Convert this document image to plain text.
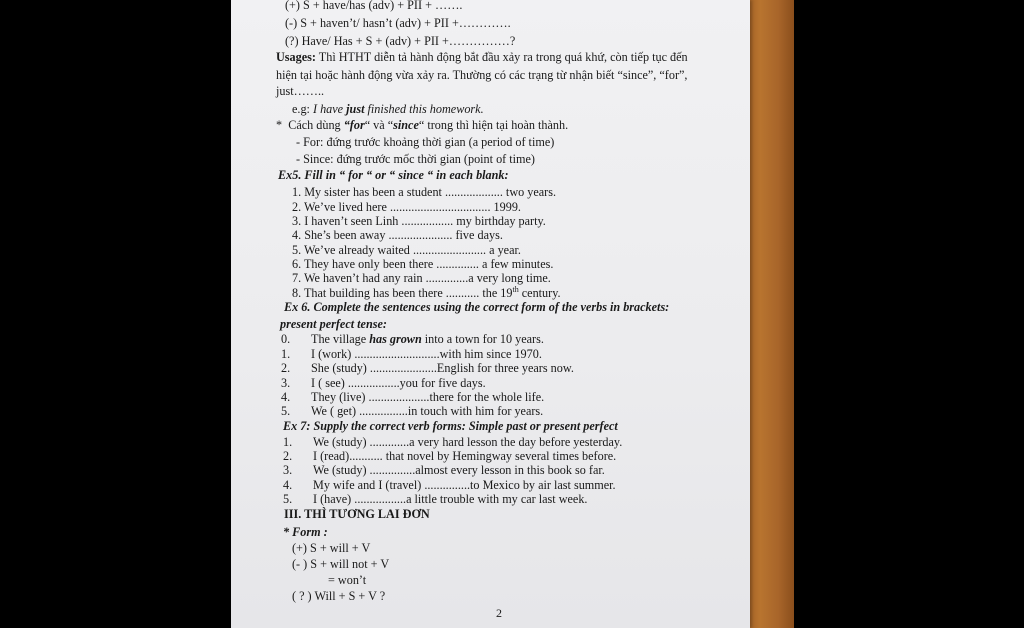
(+) S + have/has (adv) + PII + …….
(-) S + haven’t/ hasn’t (adv) + PII +………….
(?) Have/ Has + S + (adv) + PII +……………?
Usages: Thì HTHT diễn tả hành động bắt đầu xảy ra trong quá khứ, còn tiếp tục đến
hiện tại hoặc hành động vừa xảy ra. Thường có các trạng từ nhận biết “since”, “for”,
just……..
e.g: I have just finished this homework.
* Cách dùng “for“ và “since“ trong thì hiện tại hoàn thành.
- For: đứng trước khoảng thời gian (a period of time)
- Since: đứng trước mốc thời gian (point of time)
Ex5. Fill in “ for “ or “ since “ in each blank:
1. My sister has been a student ................... two years.
2. We’ve lived here ................................. 1999.
3. I haven’t seen Linh ................. my birthday party.
4. She’s been away ..................... five days.
5. We’ve already waited ........................ a year.
6. They have only been there .............. a few minutes.
7. We haven’t had any rain ..............a very long time.
8. That building has been there ........... the 19th century.
Ex 6. Complete the sentences using the correct form of the verbs in brackets:
present perfect tense:
0. The village has grown into a town for 10 years.
1. I (work) ............................with him since 1970.
2. She (study) ......................English for three years now.
3. I ( see) .................you for five days.
4. They (live) ....................there for the whole life.
5. We ( get) ................in touch with him for years.
Ex 7: Supply the correct verb forms: Simple past or present perfect
1. We (study) .............a very hard lesson the day before yesterday.
2. I (read)........... that novel by Hemingway several times before.
3. We (study) ...............almost every lesson in this book so far.
4. My wife and I (travel) ...............to Mexico by air last summer.
5. I (have) .................a little trouble with my car last week.
III. THÌ TƯƠNG LAI ĐƠN
* Form :
(+) S + will + V
(- ) S + will not + V
= won’t
( ? ) Will + S + V ?
2
